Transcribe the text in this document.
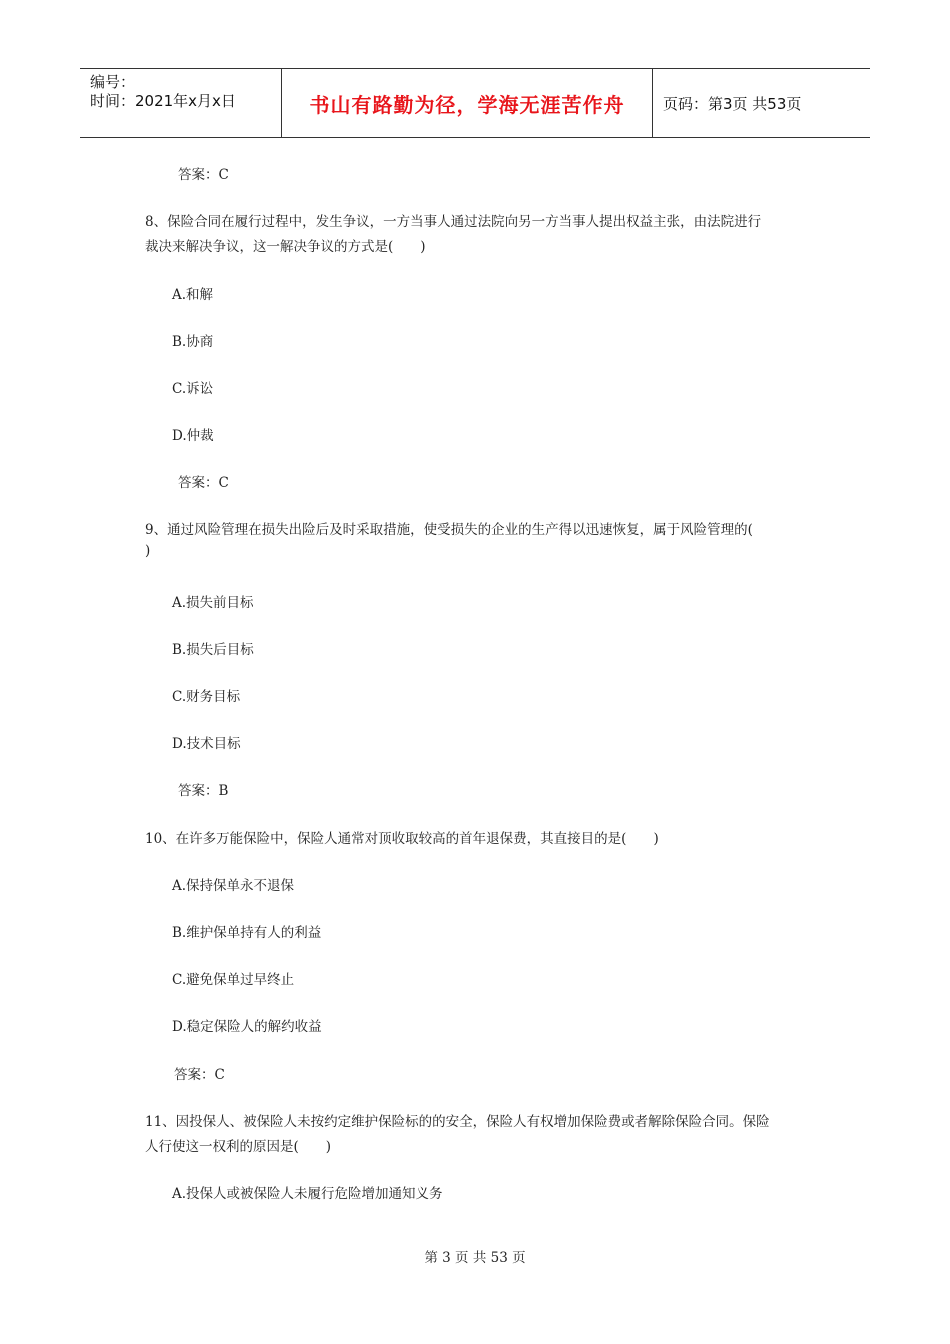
编号：
时间：2021年x月x日	书山有路勤为径，学海无涯苦作舟	页码：第3页 共53页
答案：C
8、保险合同在履行过程中，发生争议，一方当事人通过法院向另一方当事人提出权益主张，由法院进行
裁决来解决争议，这一解决争议的方式是(　　)
A.和解
B.协商
C.诉讼
D.仲裁
答案：C
9、通过风险管理在损失出险后及时采取措施，使受损失的企业的生产得以迅速恢复，属于风险管理的(
)
A.损失前目标
B.损失后目标
C.财务目标
D.技术目标
答案：B
10、在许多万能保险中，保险人通常对顶收取较高的首年退保费，其直接目的是(　　)
A.保持保单永不退保
B.维护保单持有人的利益
C.避免保单过早终止
D.稳定保险人的解约收益
答案：C
11、因投保人、被保险人未按约定维护保险标的的安全，保险人有权增加保险费或者解除保险合同。保险
人行使这一权利的原因是(　　)
A.投保人或被保险人未履行危险增加通知义务
第 3 页 共 53 页
